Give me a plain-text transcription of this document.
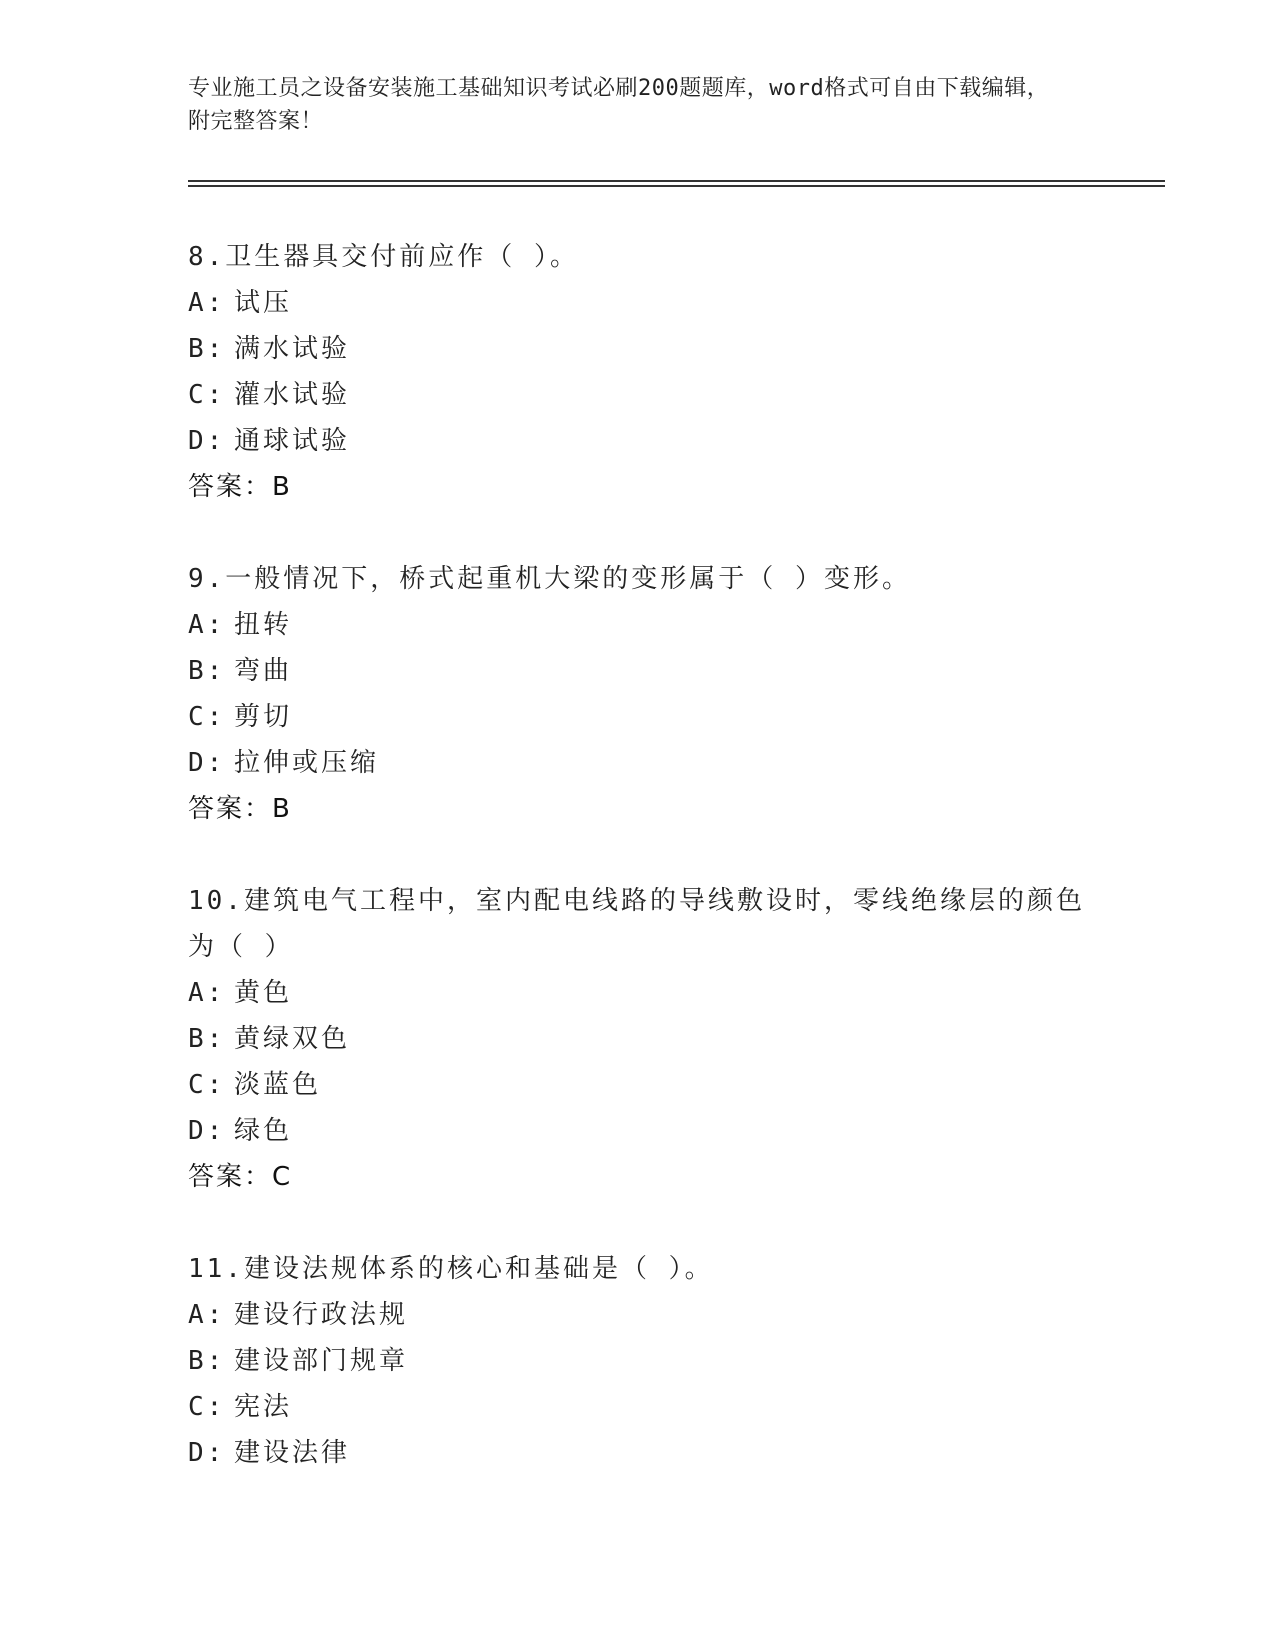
专业施工员之设备安装施工基础知识考试必刷200题题库，word格式可自由下载编辑，附完整答案！

8.卫生器具交付前应作（ ）。

A: 试压

B: 满水试验

C: 灌水试验

D: 通球试验

答案：B

9.一般情况下，桥式起重机大梁的变形属于（ ）变形。

A: 扭转

B: 弯曲

C: 剪切

D: 拉伸或压缩

答案：B

10.建筑电气工程中，室内配电线路的导线敷设时，零线绝缘层的颜色为（ ）

A: 黄色

B: 黄绿双色

C: 淡蓝色

D: 绿色

答案：C

11.建设法规体系的核心和基础是（ ）。

A: 建设行政法规

B: 建设部门规章

C: 宪法

D: 建设法律
